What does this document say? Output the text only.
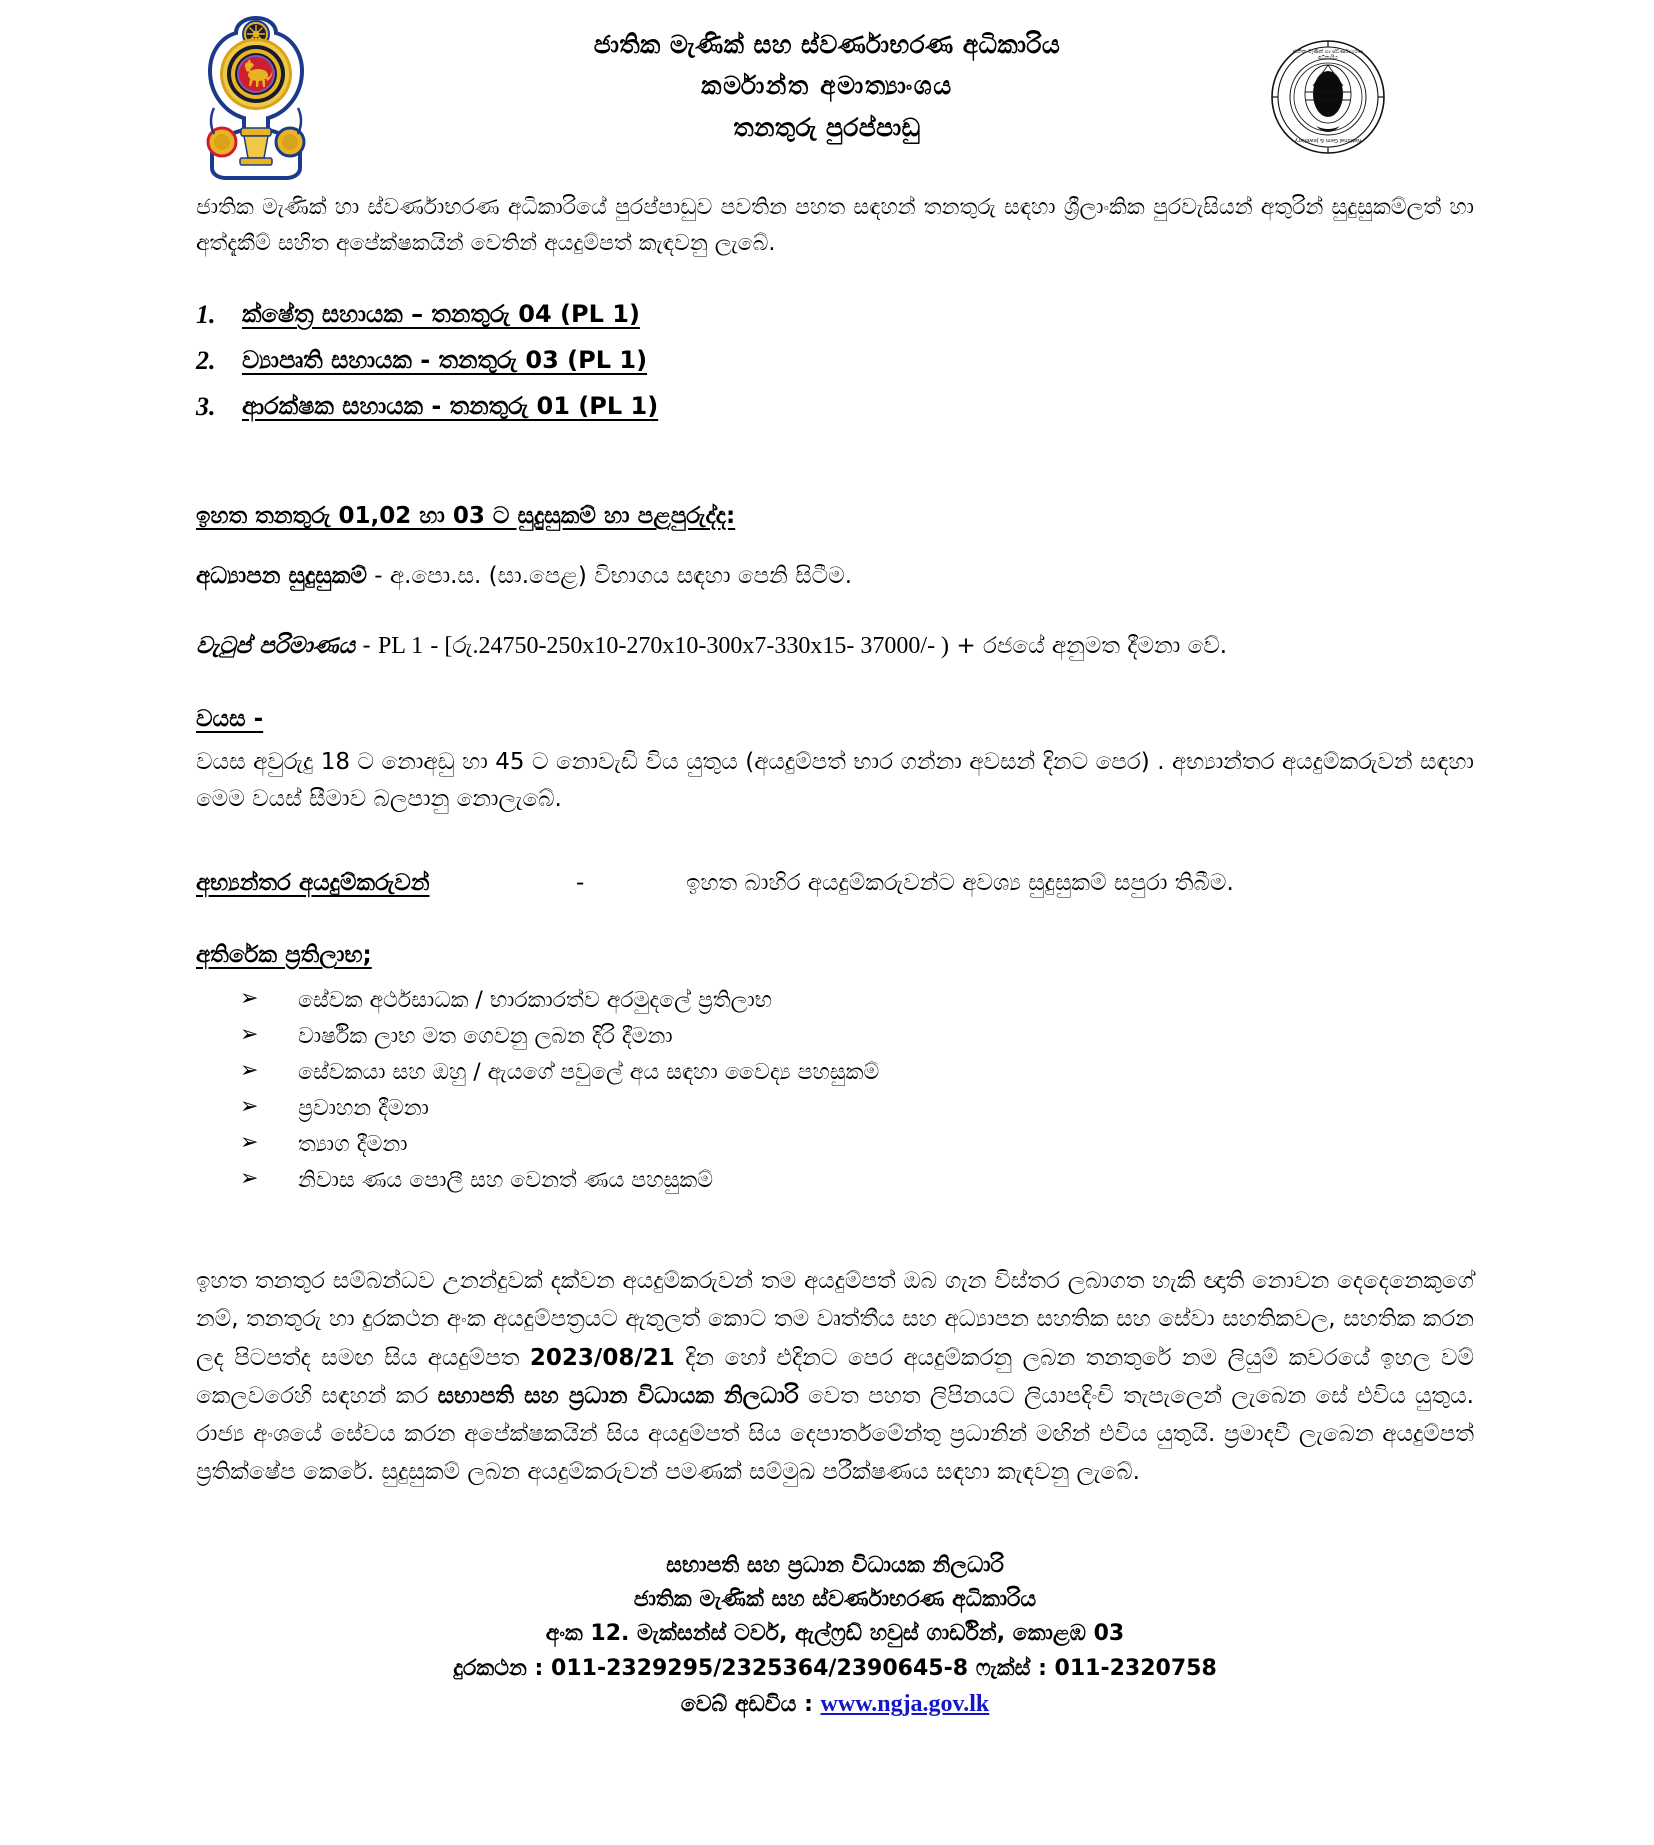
ජාතික මැණික් සහ ස්වර්ණාභරණ අධිකාරිය
කර්මාන්ත අමාත්‍යාංශය
තනතුරු පුරප්පාඩු
ජාතික මැණික් හා ස්වර්ණාභරණ
අධිකාරිය
National Gem & Jewellery

ජාතික මැණික් හා ස්වර්ණාභරණ අධිකාරියේ පුරප්පාඩුව පවතින පහත සඳහන් තනතුරු සඳහා ශ්‍රීලාංකික පුරවැසියන් අතුරින් සුදුසුකම්ලත් හා අත්දැකීම් සහිත අපේක්ෂකයින් වෙතින් අයදුම්පත් කැඳවනු ලැබේ.

ක්ෂේත්‍ර සහායක – තනතුරු 04 (PL 1)
ව්‍යාපෘති සහායක - තනතුරු 03 (PL 1)
ආරක්ෂක සහායක - තනතුරු 01 (PL 1)
ඉහත තනතුරු 01,02 හා 03 ට සුදුසුකම් හා පළපුරුද්ද:
අධ්‍යාපන සුදුසුකම් - අ.පො.ස. (සා.පෙළ) විභාගය සඳහා පෙනි සිටීම.
වැටුප් පරිමාණය - PL 1 - [රු.24750-250x10-270x10-300x7-330x15- 37000/- ) + රජයේ අනුමත දීමනා වේ.
වයස -
වයස අවුරුදු 18 ට නොඅඩු හා 45 ට නොවැඩි විය යුතුය (අයදුම්පත් භාර ගන්නා අවසන් දිනට පෙර) . අභ්‍යාන්තර අයදුම්කරුවන් සඳහා මෙම වයස් සීමාව බලපානු නොලැබේ.
අභ්‍යන්තර අයදුම්කරුවන්	-	ඉහත බාහිර අයදුම්කරුවන්ට අවශ්‍ය සුදුසුකම් සපුරා තිබීම.
අතිරේක ප්‍රතිලාභ;
➢ සේවක අර්ථසාධක / භාරකාරත්ව අරමුදලේ ප්‍රතිලාභ
➢ වාර්ෂික ලාභ මත ගෙවනු ලබන දිරි දීමනා
➢ සේවකයා සහ ඔහු / ඇයගේ පවුලේ අය සඳහා වෛද්‍ය පහසුකම්
➢ ප්‍රවාහන දීමනා
➢ ත්‍යාග දීමනා
➢ නිවාස ණය පොලී සහ වෙනත් ණය පහසුකම්
ඉහත තනතුර සම්බන්ධව උනන්දුවක් දක්වන අයදුම්කරුවන් තම අයදුම්පත් ඔබ ගැන විස්තර ලබාගත හැකි ඥාති නොවන දෙදෙනෙකුගේ නම්, තනතුරු හා දුරකථන අංක අයදුම්පත්‍රයට ඇතුලත් කොට තම වෘත්තීය සහ අධ්‍යාපන සහතික සහ සේවා සහතිකවල, සහතික කරන ලද පිටපත්ද සමඟ සිය අයදුම්පත 2023/08/21 දින හෝ එදිනට පෙර අයදුම්කරනු ලබන තනතුරේ නම ලියුම් කවරයේ ඉහල වම් කෙලවරෙහි සඳහන් කර සභාපති සහ ප්‍රධාන විධායක නිලධාරි වෙත පහත ලිපිනයට ලියාපදිංචි තැපැලෙන් ලැබෙන සේ එවිය යුතුය. රාජ්‍ය අංශයේ සේවය කරන අපේක්ෂකයින් සිය අයදුම්පත් සිය දෙපාර්තමේන්තු ප්‍රධානින් මඟින් එවිය යුතුයි. ප්‍රමාදවී ලැබෙන අයදුම්පත් ප්‍රතික්ෂේප කෙරේ. සුදුසුකම් ලබන අයදුම්කරුවන් පමණක් සම්මුඛ පරීක්ෂණය සඳහා කැඳවනු ලැබේ.
සභාපති සහ ප්‍රධාන විධායක නිලධාරි
ජාතික මැණික් සහ ස්වර්ණාභරණ අධිකාරිය
අංක 12. මැක්සන්ස් ටවර්, ඇල්ෆ්‍රඩ් හවුස් ගාර්ඩින්, කොළඹ 03
දුරකථන : 011-2329295/2325364/2390645-8 ෆැක්ස් : 011-2320758
වෙබ් අඩවිය : www.ngja.gov.lk
